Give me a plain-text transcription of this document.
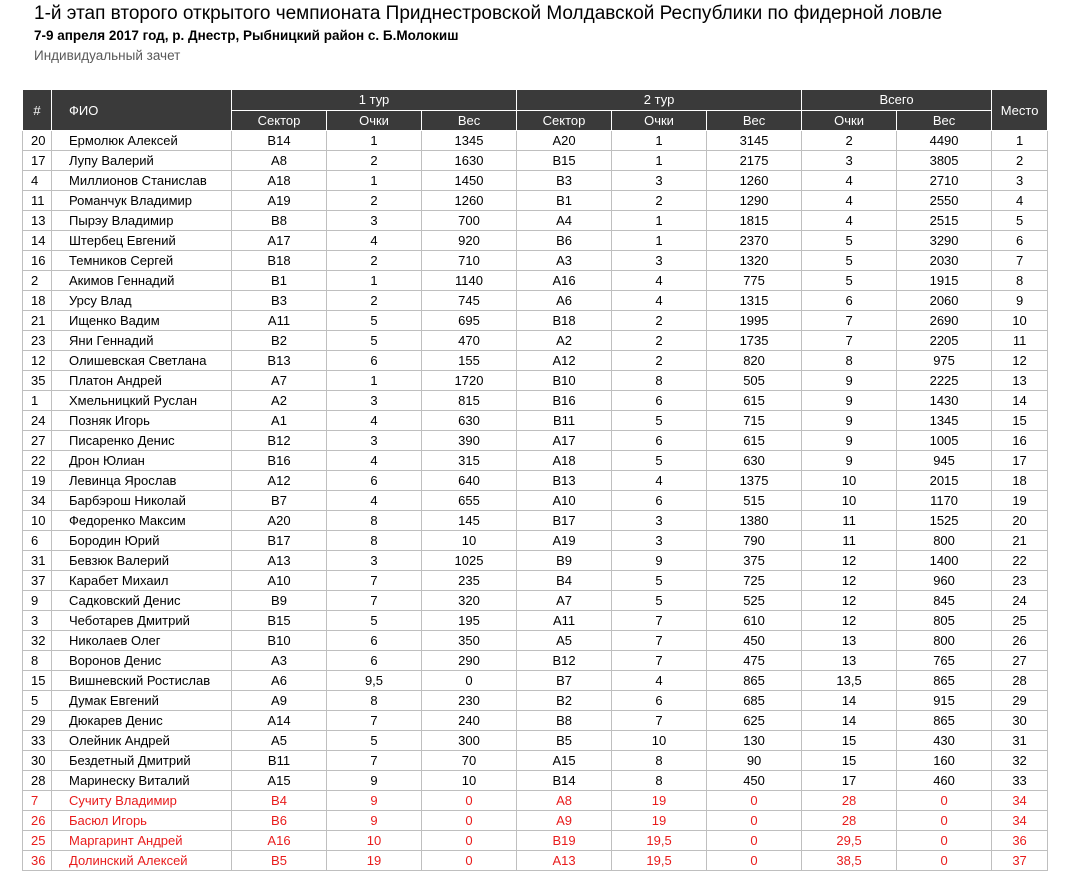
1-й этап второго открытого чемпионата Приднестровской Молдавской Республики по фидерной ловле
7-9 апреля 2017 год, р. Днестр, Рыбницкий район с. Б.Молокиш
Индивидуальный зачет
#	ФИО	1 тур			2 тур			Всего		Место
		Сектор	Очки	Вес	Сектор	Очки	Вес	Очки	Вес	
20	Ермолюк Алексей	B14	1	1345	A20	1	3145	2	4490	1
17	Лупу Валерий	A8	2	1630	B15	1	2175	3	3805	2
4	Миллионов Станислав	A18	1	1450	B3	3	1260	4	2710	3
11	Романчук Владимир	A19	2	1260	B1	2	1290	4	2550	4
13	Пырэу Владимир	B8	3	700	A4	1	1815	4	2515	5
14	Штербец Евгений	A17	4	920	B6	1	2370	5	3290	6
16	Темников Сергей	B18	2	710	A3	3	1320	5	2030	7
2	Акимов Геннадий	B1	1	1140	A16	4	775	5	1915	8
18	Урсу Влад	B3	2	745	A6	4	1315	6	2060	9
21	Ищенко Вадим	A11	5	695	B18	2	1995	7	2690	10
23	Яни Геннадий	B2	5	470	A2	2	1735	7	2205	11
12	Олишевская Светлана	B13	6	155	A12	2	820	8	975	12
35	Платон Андрей	A7	1	1720	B10	8	505	9	2225	13
1	Хмельницкий Руслан	A2	3	815	B16	6	615	9	1430	14
24	Позняк Игорь	A1	4	630	B11	5	715	9	1345	15
27	Писаренко Денис	B12	3	390	A17	6	615	9	1005	16
22	Дрон Юлиан	B16	4	315	A18	5	630	9	945	17
19	Левинца Ярослав	A12	6	640	B13	4	1375	10	2015	18
34	Барбэрош Николай	B7	4	655	A10	6	515	10	1170	19
10	Федоренко Максим	A20	8	145	B17	3	1380	11	1525	20
6	Бородин Юрий	B17	8	10	A19	3	790	11	800	21
31	Бевзюк Валерий	A13	3	1025	B9	9	375	12	1400	22
37	Карабет Михаил	A10	7	235	B4	5	725	12	960	23
9	Садковский Денис	B9	7	320	A7	5	525	12	845	24
3	Чеботарев Дмитрий	B15	5	195	A11	7	610	12	805	25
32	Николаев Олег	B10	6	350	A5	7	450	13	800	26
8	Воронов Денис	A3	6	290	B12	7	475	13	765	27
15	Вишневский Ростислав	A6	9,5	0	B7	4	865	13,5	865	28
5	Думак Евгений	A9	8	230	B2	6	685	14	915	29
29	Дюкарев Денис	A14	7	240	B8	7	625	14	865	30
33	Олейник Андрей	A5	5	300	B5	10	130	15	430	31
30	Бездетный Дмитрий	B11	7	70	A15	8	90	15	160	32
28	Маринеску Виталий	A15	9	10	B14	8	450	17	460	33
7	Сучиту Владимир	B4	9	0	A8	19	0	28	0	34
26	Басюл Игорь	B6	9	0	A9	19	0	28	0	34
25	Маргаринт Андрей	A16	10	0	B19	19,5	0	29,5	0	36
36	Долинский Алексей	B5	19	0	A13	19,5	0	38,5	0	37
